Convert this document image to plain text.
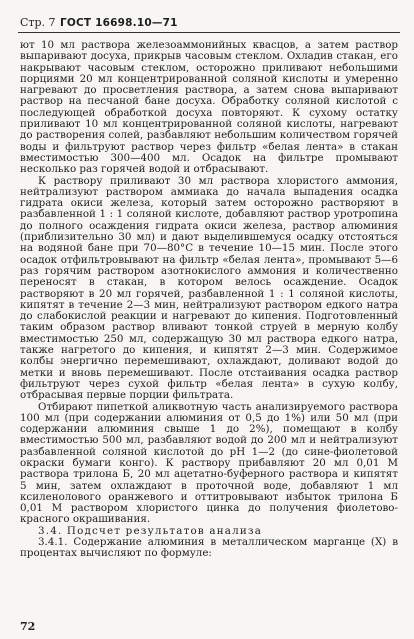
Стр. 7 ГОСТ 16698.10—71

ют 10 мл раствора железоаммонийных квасцов, а затем раствор выпаривают досуха, прикрыв часовым стеклом. Охладив стакан, его накрывают часовым стеклом, осторожно приливают небольшими порциями 20 мл концентрированной соляной кислоты и умеренно нагревают до просветления раствора, а затем снова выпаривают раствор на песчаной бане досуха. Обработку соляной кислотой с последующей обработкой досуха повторяют. К сухому остатку приливают 10 мл концентрированной соляной кислоты, нагревают до растворения солей, разбавляют небольшим количеством горячей воды и фильтруют раствор через фильтр «белая лента» в стакан вместимостью 300—400 мл. Осадок на фильтре промывают несколько раз горячей водой и отбрасывают.

К раствору приливают 30 мл раствора хлористого аммония, нейтрализуют раствором аммиака до начала выпадения осадка гидрата окиси железа, который затем осторожно растворяют в разбавленной 1 : 1 соляной кислоте, добавляют раствор уротропина до полного осаждения гидрата окиси железа, раствор алюминия (приблизительно 30 мл) и дают выделившемуся осадку отстояться на водяной бане при 70—80°С в течение 10—15 мин. После этого осадок отфильтровывают на фильтр «белая лента», промывают 5—6 раз горячим раствором азотнокислого аммония и количественно переносят в стакан, в котором велось осаждение. Осадок растворяют в 20 мл горячей, разбавленной 1 : 1 соляной кислоты, кипятят в течение 2—3 мин, нейтрализуют раствором едкого натра до слабокислой реакции и нагревают до кипения. Подготовленный таким образом раствор вливают тонкой струей в мерную колбу вместимостью 250 мл, содержащую 30 мл раствора едкого натра, также нагретого до кипения, и кипятят 2—3 мин. Содержимое колбы энергично перемешивают, охлаждают, доливают водой до метки и вновь перемешивают. После отстаивания осадка раствор фильтруют через сухой фильтр «белая лента» в сухую колбу, отбрасывая первые порции фильтрата.

Отбирают пипеткой аликвотную часть анализируемого раствора 100 мл (при содержании алюминия от 0,5 до 1%) или 50 мл (при содержании алюминия свыше 1 до 2%), помещают в колбу вместимостью 500 мл, разбавляют водой до 200 мл и нейтрализуют разбавленной соляной кислотой до рН 1—2 (до сине-фиолетовой окраски бумаги конго). К раствору прибавляют 20 мл 0,01 М раствора трилона Б, 20 мл ацетатно-буферного раствора и кипятят 5 мин, затем охлаждают в проточной воде, добавляют 1 мл ксиленолового оранжевого и оттитровывают избыток трилона Б 0,01 М раствором хлористого цинка до получения фиолетово-красного окрашивания.

3.4. Подсчет результатов анализа

3.4.1. Содержание алюминия в металлическом марганце (X) в процентах вычисляют по формуле:

72
